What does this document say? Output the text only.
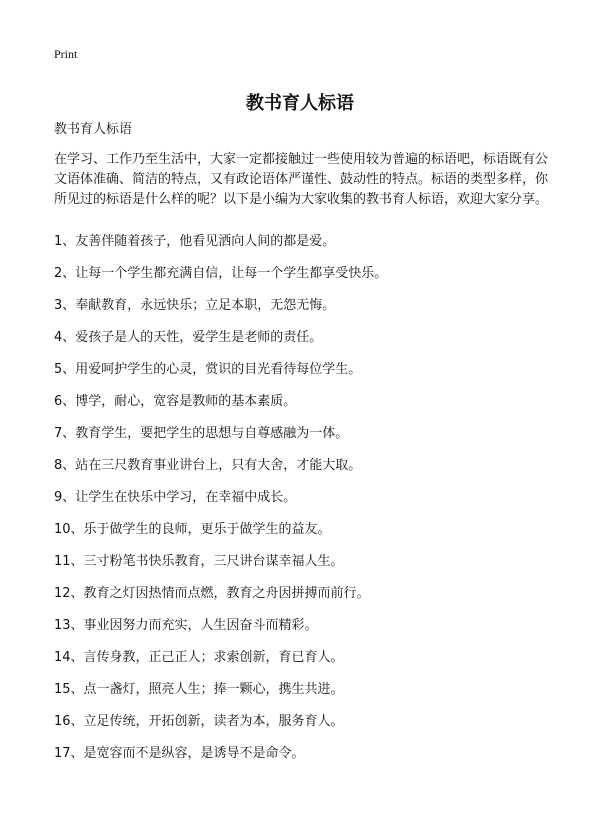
Print
教书育人标语
教书育人标语
在学习、工作乃至生活中，大家一定都接触过一些使用较为普遍的标语吧，标语既有公文语体准确、简洁的特点，又有政论语体严谨性、鼓动性的特点。标语的类型多样，你所见过的标语是什么样的呢？以下是小编为大家收集的教书育人标语，欢迎大家分享。
1、友善伴随着孩子，他看见洒向人间的都是爱。
2、让每一个学生都充满自信，让每一个学生都享受快乐。
3、奉献教育，永远快乐；立足本职，无怨无悔。
4、爱孩子是人的天性，爱学生是老师的责任。
5、用爱呵护学生的心灵，赏识的目光看待每位学生。
6、博学，耐心，宽容是教师的基本素质。
7、教育学生，要把学生的思想与自尊感融为一体。
8、站在三尺教育事业讲台上，只有大舍，才能大取。
9、让学生在快乐中学习，在幸福中成长。
10、乐于做学生的良师，更乐于做学生的益友。
11、三寸粉笔书快乐教育，三尺讲台谋幸福人生。
12、教育之灯因热情而点燃，教育之舟因拼搏而前行。
13、事业因努力而充实，人生因奋斗而精彩。
14、言传身教，正己正人；求索创新，育已育人。
15、点一盏灯，照亮人生；捧一颗心，携生共进。
16、立足传统，开拓创新，读者为本，服务育人。
17、是宽容而不是纵容，是诱导不是命令。
